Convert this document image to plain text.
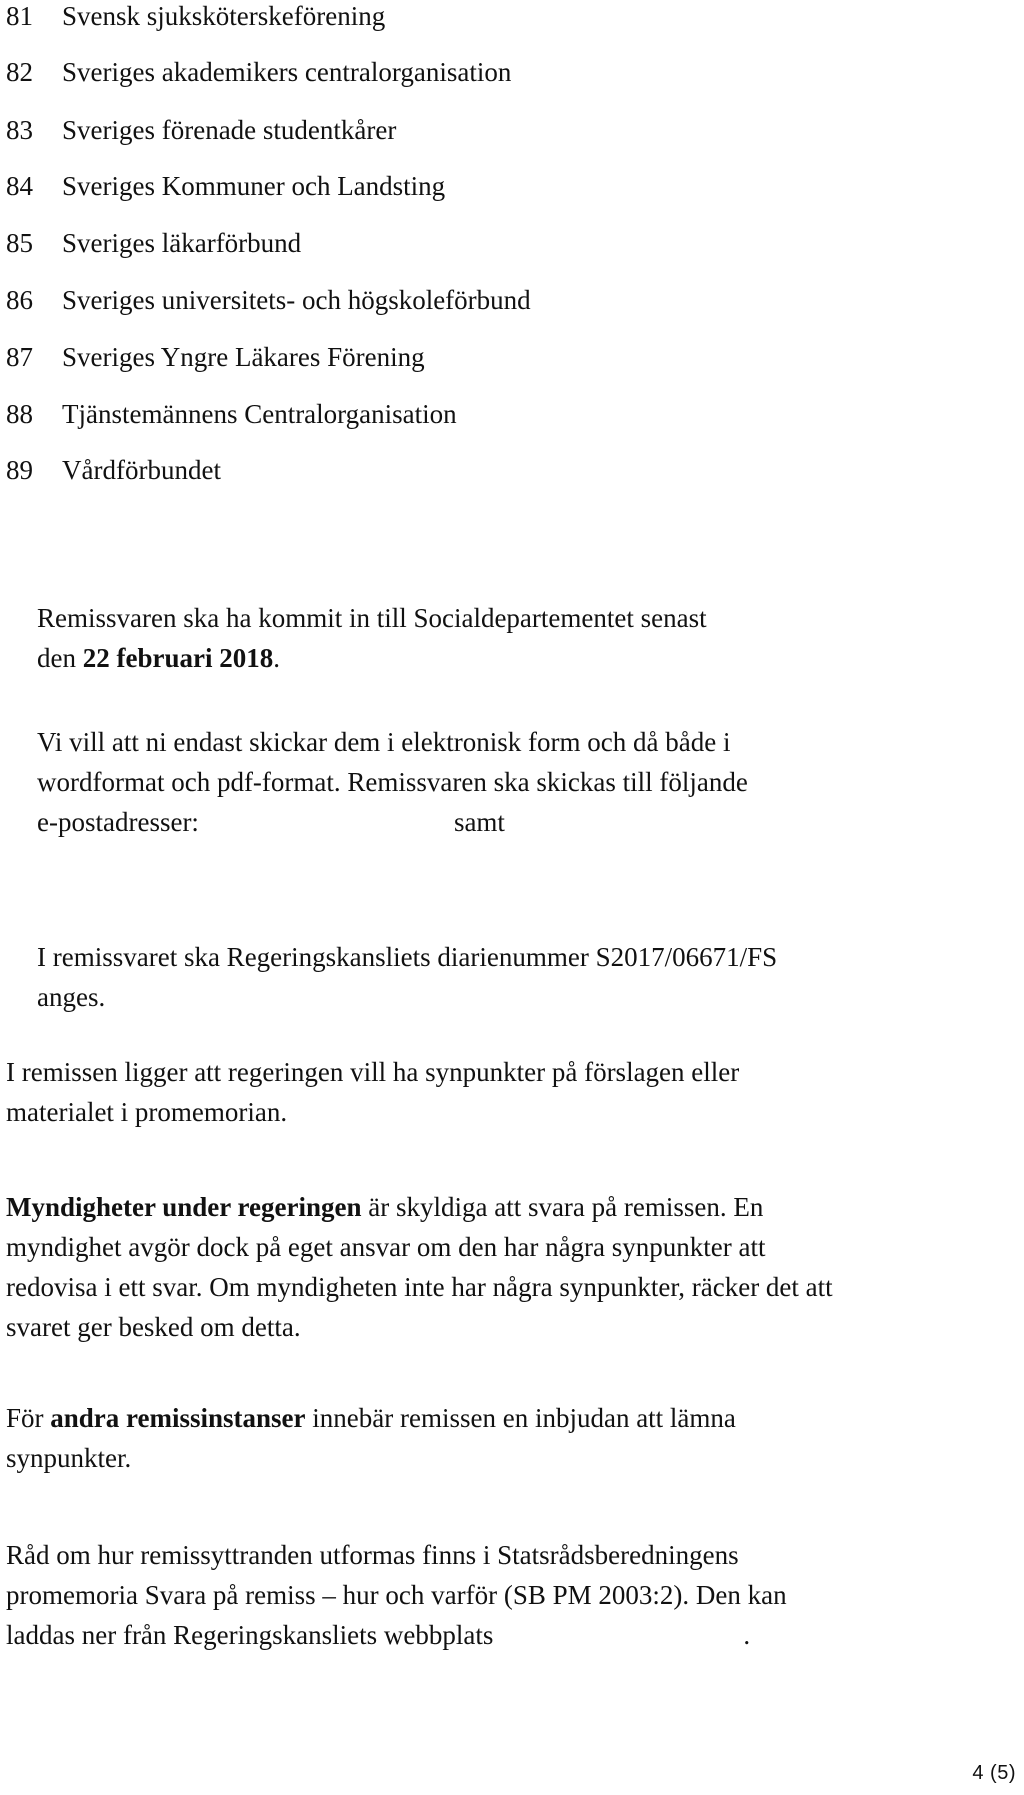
81	Svensk sjuksköterskeförening
82	Sveriges akademikers centralorganisation
83	Sveriges förenade studentkårer
84	Sveriges Kommuner och Landsting
85	Sveriges läkarförbund
86	Sveriges universitets- och högskoleförbund
87	Sveriges Yngre Läkares Förening
88	Tjänstemännens Centralorganisation
89	Vårdförbundet
Remissvaren ska ha kommit in till Socialdepartementet senast
den 22 februari 2018.
Vi vill att ni endast skickar dem i elektronisk form och då både i
wordformat och pdf-format. Remissvaren ska skickas till följande
e-postadresser:	samt
I remissvaret ska Regeringskansliets diarienummer S2017/06671/FS
anges.
I remissen ligger att regeringen vill ha synpunkter på förslagen eller
materialet i promemorian.
Myndigheter under regeringen är skyldiga att svara på remissen. En
myndighet avgör dock på eget ansvar om den har några synpunkter att
redovisa i ett svar. Om myndigheten inte har några synpunkter, räcker det att
svaret ger besked om detta.
För andra remissinstanser innebär remissen en inbjudan att lämna
synpunkter.
Råd om hur remissyttranden utformas finns i Statsrådsberedningens
promemoria Svara på remiss – hur och varför (SB PM 2003:2). Den kan
laddas ner från Regeringskansliets webbplats	.
4 (5)
